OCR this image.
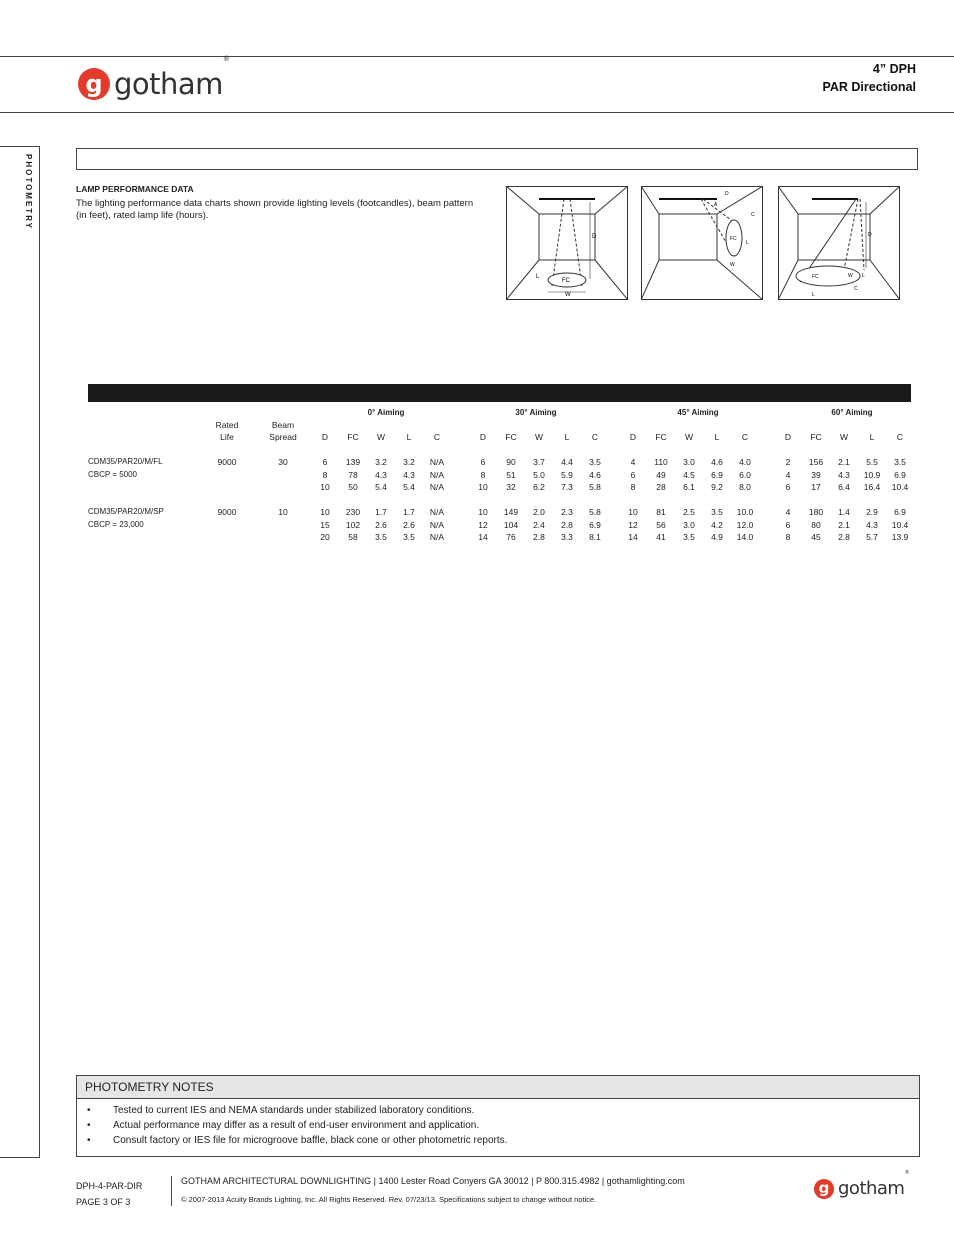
g gotham®
4” DPH
PAR Directional
PHOTOMETRY	LAMP PERFORMANCE DATA
The lighting performance data charts shown provide lighting levels (footcandles), beam pattern (in feet), rated lamp life (hours).
D
FC
W
L
D
A
C
FC
L
W
D
FC	W L
C
L
0° Aiming	30° Aiming	45° Aiming	60° Aiming
Rated
Life
Beam
Spread	D	FC	W	L	C	D	FC	W	L	C	D	FC	W	L	C	D	FC	W	L	C
CDM35/PAR20/M/FL
CBCP = 5000
9000	30	6	139	3.2	3.2	N/A	6	90	3.7	4.4	3.5	4	110	3.0	4.6	4.0	2	156	2.1	5.5	3.5
8	78	4.3	4.3	N/A	8	51	5.0	5.9	4.6	6	49	4.5	6.9	6.0	4	39	4.3	10.9	6.9
10	50	5.4	5.4	N/A	10	32	6.2	7.3	5.8	8	28	6.1	9.2	8.0	6	17	6.4	16.4	10.4
CDM35/PAR20/M/SP
CBCP = 23,000
9000	10	10	230	1.7	1.7	N/A	10	149	2.0	2.3	5.8	10	81	2.5	3.5	10.0	4	180	1.4	2.9	6.9
15	102	2.6	2.6	N/A	12	104	2.4	2.8	6.9	12	56	3.0	4.2	12.0	6	80	2.1	4.3	10.4
20	58	3.5	3.5	N/A	14	76	2.8	3.3	8.1	14	41	3.5	4.9	14.0	8	45	2.8	5.7	13.9
PHOTOMETRY NOTES
• Tested to current IES and NEMA standards under stabilized laboratory conditions.
• Actual performance may differ as a result of end-user environment and application.
• Consult factory or IES file for microgroove baffle, black cone or other photometric reports.
DPH-4-PAR-DIR
PAGE 3 OF 3
GOTHAM ARCHITECTURAL DOWNLIGHTING | 1400 Lester Road Conyers GA 30012 | P 800.315.4982 | gothamlighting.com
© 2007-2013 Acuity Brands Lighting, Inc. All Rights Reserved. Rev. 07/23/13. Specifications subject to change without notice.
g gotham®
